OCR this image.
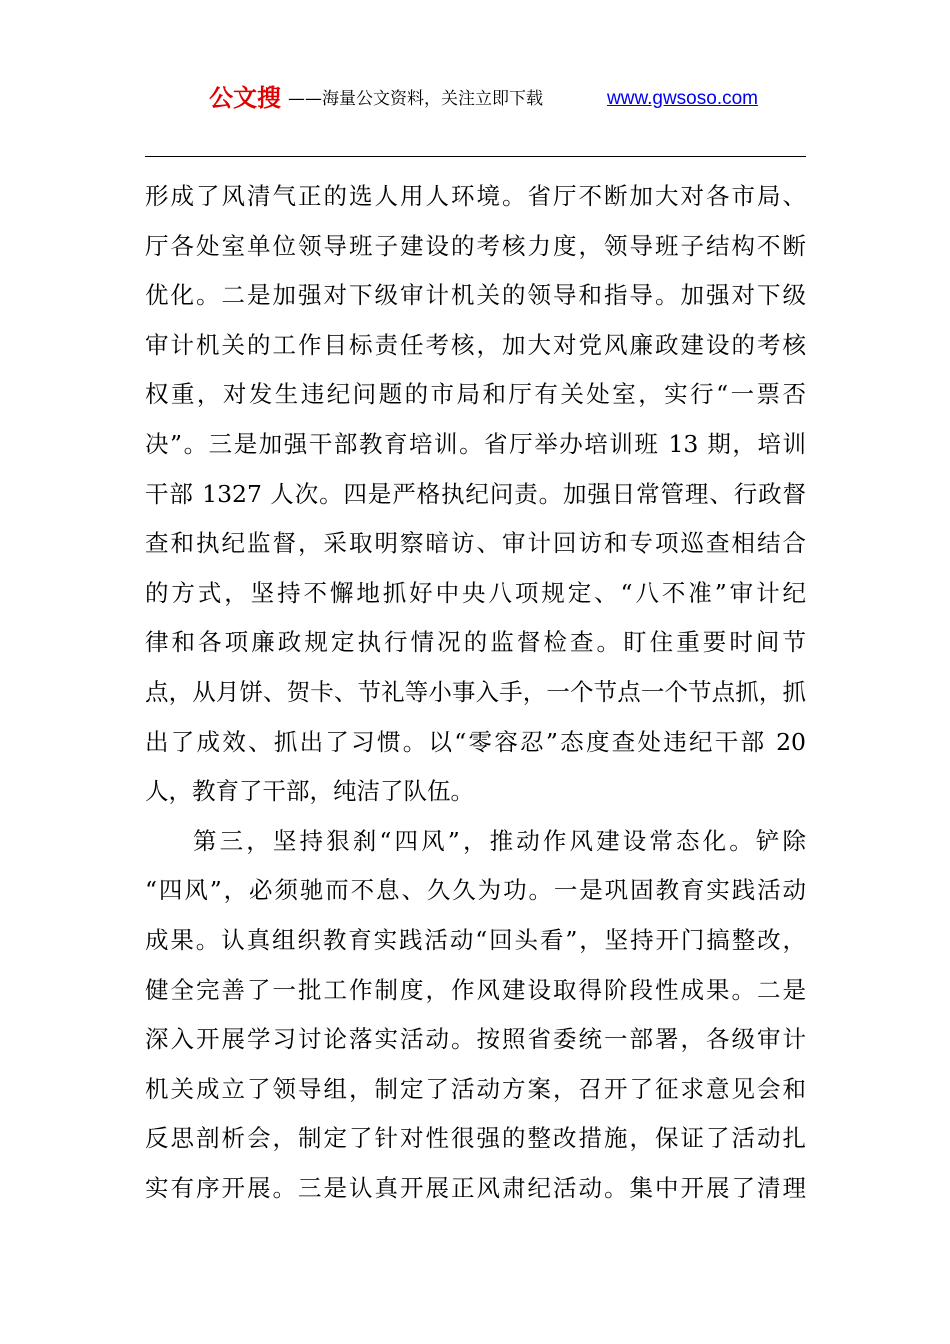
公文搜 ——海量公文资料，关注立即下载	www.gwsoso.com
形成了风清气正的选人用人环境。省厅不断加大对各市局、
厅各处室单位领导班子建设的考核力度，领导班子结构不断
优化。二是加强对下级审计机关的领导和指导。加强对下级
审计机关的工作目标责任考核，加大对党风廉政建设的考核
权重，对发生违纪问题的市局和厅有关处室，实行“一票否
决”。三是加强干部教育培训。省厅举办培训班 13 期，培训
干部 1327 人次。四是严格执纪问责。加强日常管理、行政督
查和执纪监督，采取明察暗访、审计回访和专项巡查相结合
的方式，坚持不懈地抓好中央八项规定、“八不准”审计纪
律和各项廉政规定执行情况的监督检查。盯住重要时间节
点，从月饼、贺卡、节礼等小事入手，一个节点一个节点抓，抓
出了成效、抓出了习惯。以“零容忍”态度查处违纪干部 20
人，教育了干部，纯洁了队伍。
第三，坚持狠刹“四风”，推动作风建设常态化。铲除
“四风”，必须驰而不息、久久为功。一是巩固教育实践活动
成果。认真组织教育实践活动“回头看”，坚持开门搞整改，
健全完善了一批工作制度，作风建设取得阶段性成果。二是
深入开展学习讨论落实活动。按照省委统一部署，各级审计
机关成立了领导组，制定了活动方案，召开了征求意见会和
反思剖析会，制定了针对性很强的整改措施，保证了活动扎
实有序开展。三是认真开展正风肃纪活动。集中开展了清理
